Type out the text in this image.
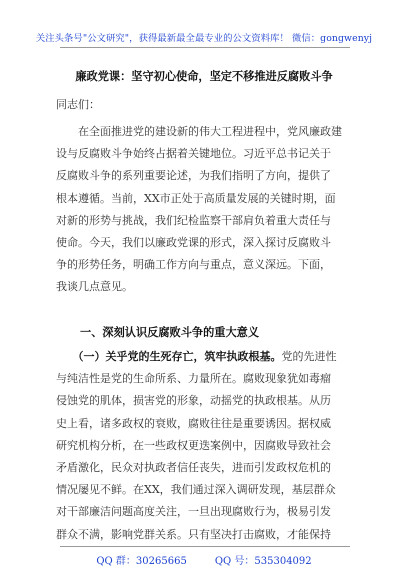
关注头条号"公文研究"，获得最新最全最专业的公文资料库！ 微信：gongwenyj
廉政党课：坚守初心使命，坚定不移推进反腐败斗争
同志们：
　　在全面推进党的建设新的伟大工程进程中，党风廉政建
设与反腐败斗争始终占据着关键地位。习近平总书记关于
反腐败斗争的系列重要论述，为我们指明了方向，提供了
根本遵循。当前，XX市正处于高质量发展的关键时期，面
对新的形势与挑战，我们纪检监察干部肩负着重大责任与
使命。今天，我们以廉政党课的形式，深入探讨反腐败斗
争的形势任务，明确工作方向与重点，意义深远。下面，
我谈几点意见。
一、深刻认识反腐败斗争的重大意义
　　（一）关乎党的生死存亡，筑牢执政根基。党的先进性
与纯洁性是党的生命所系、力量所在。腐败现象犹如毒瘤
侵蚀党的肌体，损害党的形象，动摇党的执政根基。从历
史上看，诸多政权的衰败，腐败往往是重要诱因。据权威
研究机构分析，在一些政权更迭案例中，因腐败导致社会
矛盾激化，民众对执政者信任丧失，进而引发政权危机的
情况屡见不鲜。在XX，我们通过深入调研发现，基层群众
对干部廉洁问题高度关注，一旦出现腐败行为，极易引发
群众不满，影响党群关系。只有坚决打击腐败，才能保持
QQ 群：30265665	QQ 号：535304092
